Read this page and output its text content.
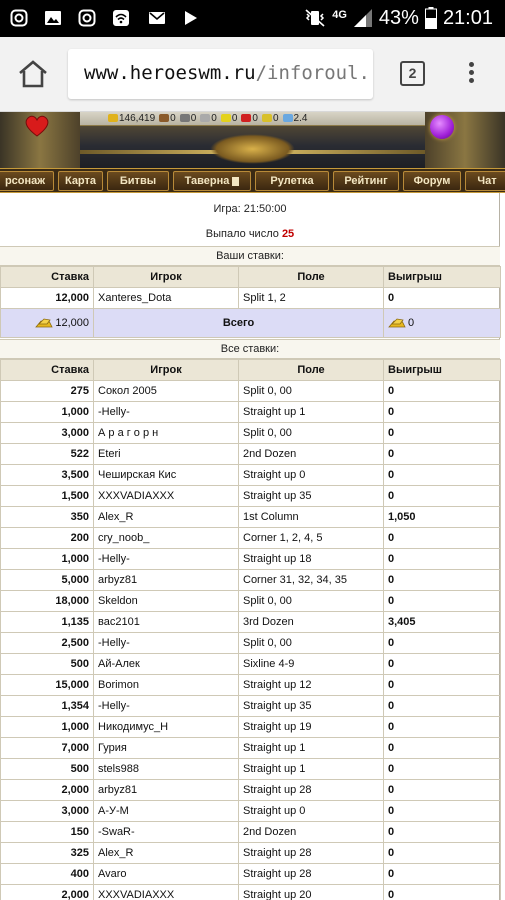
4G 43% 21:01
www.heroeswm.ru/inforoul.	2
146,419	0	0	0	0	0	0	2.4
рсонаж	Карта	Битвы	Таверна	Рулетка	Рейтинг	Форум	Чат
Игра: 21:50:00
Выпало число 25
Ваши ставки:
Ставка	Игрок	Поле	Выигрыш
12,000	Xanteres_Dota	Split 1, 2	0
12,000	Всего		0
Все ставки:
Ставка	Игрок	Поле	Выигрыш
275	Сокол 2005	Split 0, 00	0
1,000	-Helly-	Straight up 1	0
3,000	А р а г о р н	Split 0, 00	0
522	Eteri	2nd Dozen	0
3,500	Чеширская Кис	Straight up 0	0
1,500	XXXVADIAXXX	Straight up 35	0
350	Alex_R	1st Column	1,050
200	cry_noob_	Corner 1, 2, 4, 5	0
1,000	-Helly-	Straight up 18	0
5,000	arbyz81	Corner 31, 32, 34, 35	0
18,000	Skeldon	Split 0, 00	0
1,135	вас2101	3rd Dozen	3,405
2,500	-Helly-	Split 0, 00	0
500	Ай-Алек	Sixline 4-9	0
15,000	Borimon	Straight up 12	0
1,354	-Helly-	Straight up 35	0
1,000	Никодимус_Н	Straight up 19	0
7,000	Гурия	Straight up 1	0
500	stels988	Straight up 1	0
2,000	arbyz81	Straight up 28	0
3,000	А-У-М	Straight up 0	0
150	-SwaR-	2nd Dozen	0
325	Alex_R	Straight up 28	0
400	Avaro	Straight up 28	0
2,000	XXXVADIAXXX	Straight up 20	0
